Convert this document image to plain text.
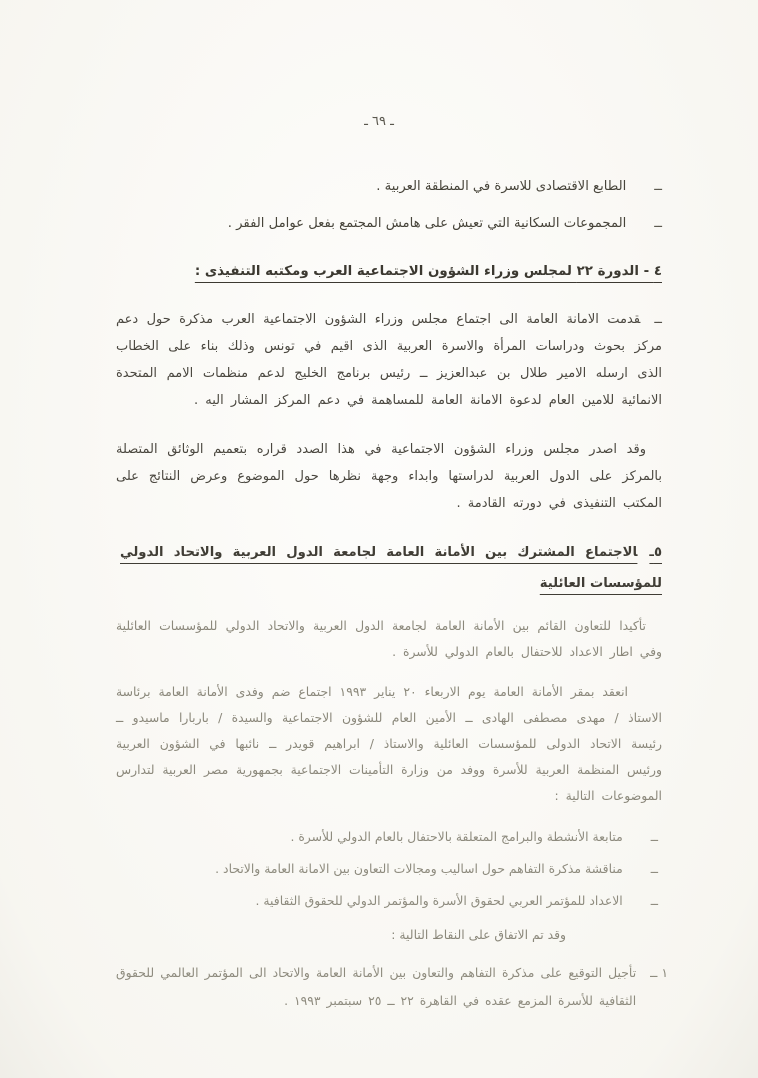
ـ ٦٩ ـ
ــ
الطابع الاقتصادى للاسرة في المنطقة العربية .
ــ
المجموعات السكانية التي تعيش على هامش المجتمع بفعل عوامل الفقر .
٤ - الدورة ٢٢ لمجلس وزراء الشؤون الاجتماعية العرب ومكتبه التنفيذى :

ــقدمت الامانة العامة الى اجتماع مجلس وزراء الشؤون الاجتماعية العرب مذكرة حول دعم مركز بحوث ودراسات المرأة والاسرة العربية الذى اقيم في تونس وذلك بناء على الخطاب الذى ارسله الامير طلال بن عبدالعزيز ــ رئيس برنامج الخليج لدعم منظمات الامم المتحدة الانمائية للامين العام لدعوة الامانة العامة للمساهمة في دعم المركز المشار اليه .

وقد اصدر مجلس وزراء الشؤون الاجتماعية في هذا الصدد قراره بتعميم الوثائق المتصلة بالمركز على الدول العربية لدراستها وابداء وجهة نظرها حول الموضوع وعرض النتائج على المكتب التنفيذى في دورته القادمة .

٥ـالاجتماع المشترك بين الأمانة العامة لجامعة الدول العربية والاتحاد الدولي للمؤسسات العائلية

تأكيدا للتعاون القائم بين الأمانة العامة لجامعة الدول العربية والاتحاد الدولي للمؤسسات العائلية وفي اطار الاعداد للاحتفال بالعام الدولي للأسرة .

انعقد بمقر الأمانة العامة يوم الاربعاء ٢٠ يناير ١٩٩٣ اجتماع ضم وفدى الأمانة العامة برئاسة الاستاذ / مهدى مصطفى الهادى ــ الأمين العام للشؤون الاجتماعية والسيدة / باربارا ماسيدو ــ رئيسة الاتحاد الدولى للمؤسسات العائلية والاستاذ / ابراهيم قويدر ــ نائبها في الشؤون العربية ورئيس المنظمة العربية للأسرة ووفد من وزارة التأمينات الاجتماعية بجمهورية مصر العربية لتدارس الموضوعات التالية :

ــ
متابعة الأنشطة والبرامج المتعلقة بالاحتفال بالعام الدولي للأسرة .
ــ
مناقشة مذكرة التفاهم حول اساليب ومجالات التعاون بين الامانة العامة والاتحاد .
ــ
الاعداد للمؤتمر العربي لحقوق الأسرة والمؤتمر الدولي للحقوق الثقافية .
وقد تم الاتفاق على النقاط التالية :
١ ــ
تأجيل التوقيع على مذكرة التفاهم والتعاون بين الأمانة العامة والاتحاد الى المؤتمر العالمي للحقوق الثقافية للأسرة المزمع عقده في القاهرة ٢٢ ــ ٢٥ سبتمبر ١٩٩٣ .
